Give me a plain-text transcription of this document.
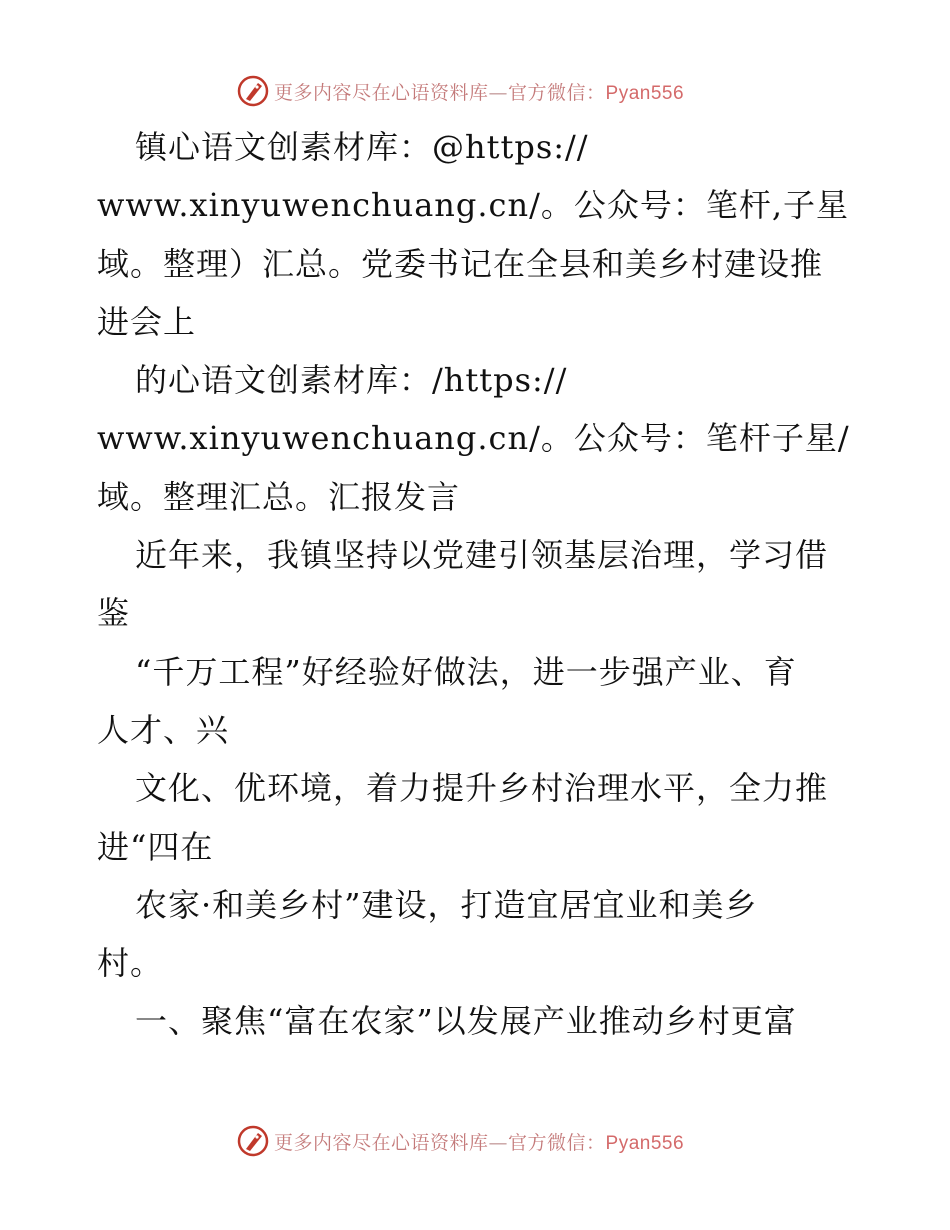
更多内容尽在心语资料库—官方微信：Pyan556
镇心语文创素材库：@https://
www.xinyuwenchuang.cn/。公众号：笔杆,子星
域。整理）汇总。党委书记在全县和美乡村建设推
进会上
的心语文创素材库：/https://
www.xinyuwenchuang.cn/。公众号：笔杆子星/
域。整理汇总。汇报发言
近年来，我镇坚持以党建引领基层治理，学习借
鉴
“千万工程”好经验好做法，进一步强产业、育
人才、兴
文化、优环境，着力提升乡村治理水平，全力推
进“四在
农家·和美乡村”建设，打造宜居宜业和美乡
村。
一、聚焦“富在农家”以发展产业推动乡村更富
更多内容尽在心语资料库—官方微信：Pyan556
